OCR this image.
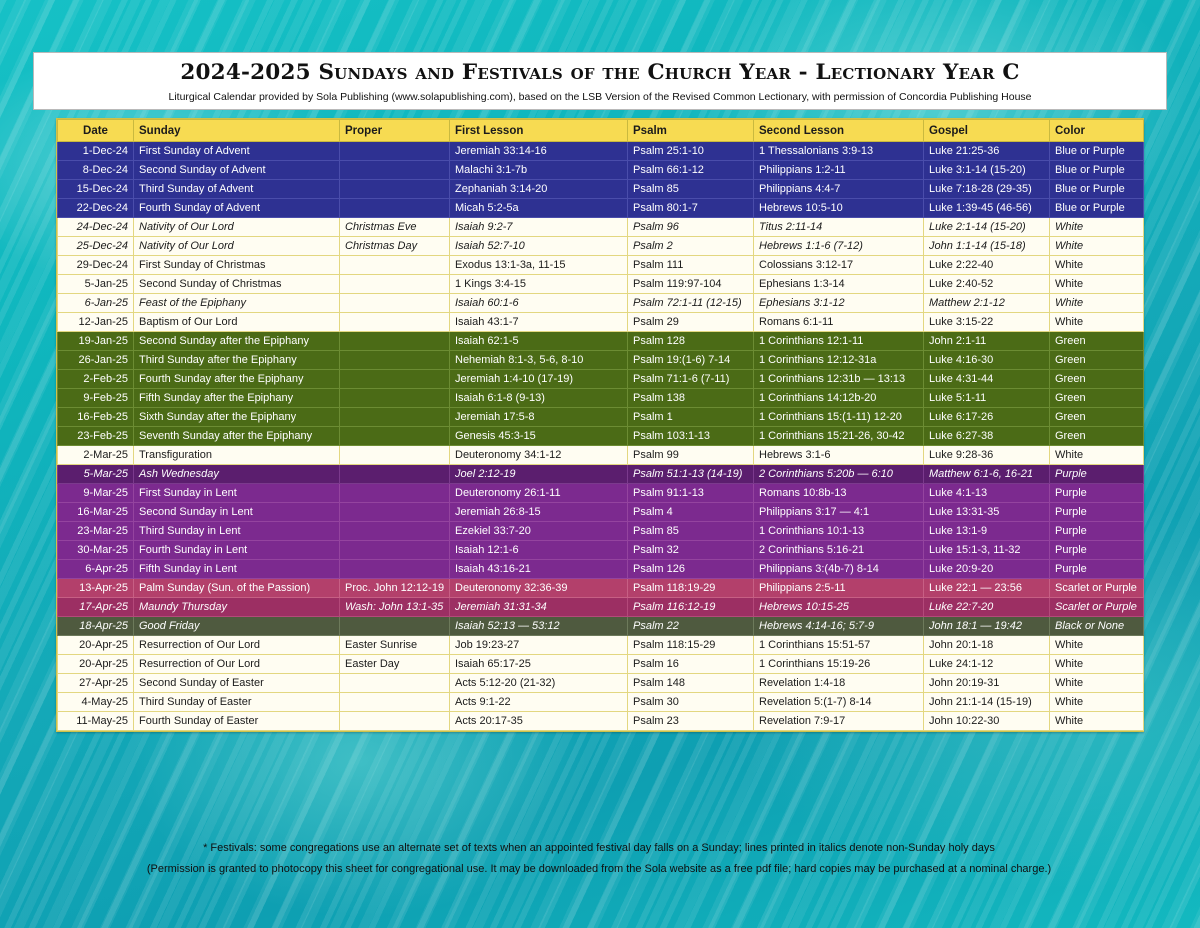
2024-2025 Sundays and Festivals of the Church Year - Lectionary Year C

Liturgical Calendar provided by Sola Publishing (www.solapublishing.com), based on the LSB Version of the Revised Common Lectionary, with permission of Concordia Publishing House

Date	Sunday	Proper	First Lesson	Psalm	Second Lesson	Gospel	Color
1-Dec-24	First Sunday of Advent		Jeremiah 33:14-16	Psalm 25:1-10	1 Thessalonians 3:9-13	Luke 21:25-36	Blue or Purple
8-Dec-24	Second Sunday of Advent		Malachi 3:1-7b	Psalm 66:1-12	Philippians 1:2-11	Luke 3:1-14 (15-20)	Blue or Purple
15-Dec-24	Third Sunday of Advent		Zephaniah 3:14-20	Psalm 85	Philippians 4:4-7	Luke 7:18-28 (29-35)	Blue or Purple
22-Dec-24	Fourth Sunday of Advent		Micah 5:2-5a	Psalm 80:1-7	Hebrews 10:5-10	Luke 1:39-45 (46-56)	Blue or Purple
24-Dec-24	Nativity of Our Lord	Christmas Eve	Isaiah 9:2-7	Psalm 96	Titus 2:11-14	Luke 2:1-14 (15-20)	White
25-Dec-24	Nativity of Our Lord	Christmas Day	Isaiah 52:7-10	Psalm 2	Hebrews 1:1-6 (7-12)	John 1:1-14 (15-18)	White
29-Dec-24	First Sunday of Christmas		Exodus 13:1-3a, 11-15	Psalm 111	Colossians 3:12-17	Luke 2:22-40	White
5-Jan-25	Second Sunday of Christmas		1 Kings 3:4-15	Psalm 119:97-104	Ephesians 1:3-14	Luke 2:40-52	White
6-Jan-25	Feast of the Epiphany		Isaiah 60:1-6	Psalm 72:1-11 (12-15)	Ephesians 3:1-12	Matthew 2:1-12	White
12-Jan-25	Baptism of Our Lord		Isaiah 43:1-7	Psalm 29	Romans 6:1-11	Luke 3:15-22	White
19-Jan-25	Second Sunday after the Epiphany		Isaiah 62:1-5	Psalm 128	1 Corinthians 12:1-11	John 2:1-11	Green
26-Jan-25	Third Sunday after the Epiphany		Nehemiah 8:1-3, 5-6, 8-10	Psalm 19:(1-6) 7-14	1 Corinthians 12:12-31a	Luke 4:16-30	Green
2-Feb-25	Fourth Sunday after the Epiphany		Jeremiah 1:4-10 (17-19)	Psalm 71:1-6 (7-11)	1 Corinthians 12:31b — 13:13	Luke 4:31-44	Green
9-Feb-25	Fifth Sunday after the Epiphany		Isaiah 6:1-8 (9-13)	Psalm 138	1 Corinthians 14:12b-20	Luke 5:1-11	Green
16-Feb-25	Sixth Sunday after the Epiphany		Jeremiah 17:5-8	Psalm 1	1 Corinthians 15:(1-11) 12-20	Luke 6:17-26	Green
23-Feb-25	Seventh Sunday after the Epiphany		Genesis 45:3-15	Psalm 103:1-13	1 Corinthians 15:21-26, 30-42	Luke 6:27-38	Green
2-Mar-25	Transfiguration		Deuteronomy 34:1-12	Psalm 99	Hebrews 3:1-6	Luke 9:28-36	White
5-Mar-25	Ash Wednesday		Joel 2:12-19	Psalm 51:1-13 (14-19)	2 Corinthians 5:20b — 6:10	Matthew 6:1-6, 16-21	Purple
9-Mar-25	First Sunday in Lent		Deuteronomy 26:1-11	Psalm 91:1-13	Romans 10:8b-13	Luke 4:1-13	Purple
16-Mar-25	Second Sunday in Lent		Jeremiah 26:8-15	Psalm 4	Philippians 3:17 — 4:1	Luke 13:31-35	Purple
23-Mar-25	Third Sunday in Lent		Ezekiel 33:7-20	Psalm 85	1 Corinthians 10:1-13	Luke 13:1-9	Purple
30-Mar-25	Fourth Sunday in Lent		Isaiah 12:1-6	Psalm 32	2 Corinthians 5:16-21	Luke 15:1-3, 11-32	Purple
6-Apr-25	Fifth Sunday in Lent		Isaiah 43:16-21	Psalm 126	Philippians 3:(4b-7) 8-14	Luke 20:9-20	Purple
13-Apr-25	Palm Sunday (Sun. of the Passion)	Proc. John 12:12-19	Deuteronomy 32:36-39	Psalm 118:19-29	Philippians 2:5-11	Luke 22:1 — 23:56	Scarlet or Purple
17-Apr-25	Maundy Thursday	Wash: John 13:1-35	Jeremiah 31:31-34	Psalm 116:12-19	Hebrews 10:15-25	Luke 22:7-20	Scarlet or Purple
18-Apr-25	Good Friday		Isaiah 52:13 — 53:12	Psalm 22	Hebrews 4:14-16; 5:7-9	John 18:1 — 19:42	Black or None
20-Apr-25	Resurrection of Our Lord	Easter Sunrise	Job 19:23-27	Psalm 118:15-29	1 Corinthians 15:51-57	John 20:1-18	White
20-Apr-25	Resurrection of Our Lord	Easter Day	Isaiah 65:17-25	Psalm 16	1 Corinthians 15:19-26	Luke 24:1-12	White
27-Apr-25	Second Sunday of Easter		Acts 5:12-20 (21-32)	Psalm 148	Revelation 1:4-18	John 20:19-31	White
4-May-25	Third Sunday of Easter		Acts 9:1-22	Psalm 30	Revelation 5:(1-7) 8-14	John 21:1-14 (15-19)	White
11-May-25	Fourth Sunday of Easter		Acts 20:17-35	Psalm 23	Revelation 7:9-17	John 10:22-30	White

* Festivals: some congregations use an alternate set of texts when an appointed festival day falls on a Sunday; lines printed in italics denote non-Sunday holy days

(Permission is granted to photocopy this sheet for congregational use. It may be downloaded from the Sola website as a free pdf file; hard copies may be purchased at a nominal charge.)
